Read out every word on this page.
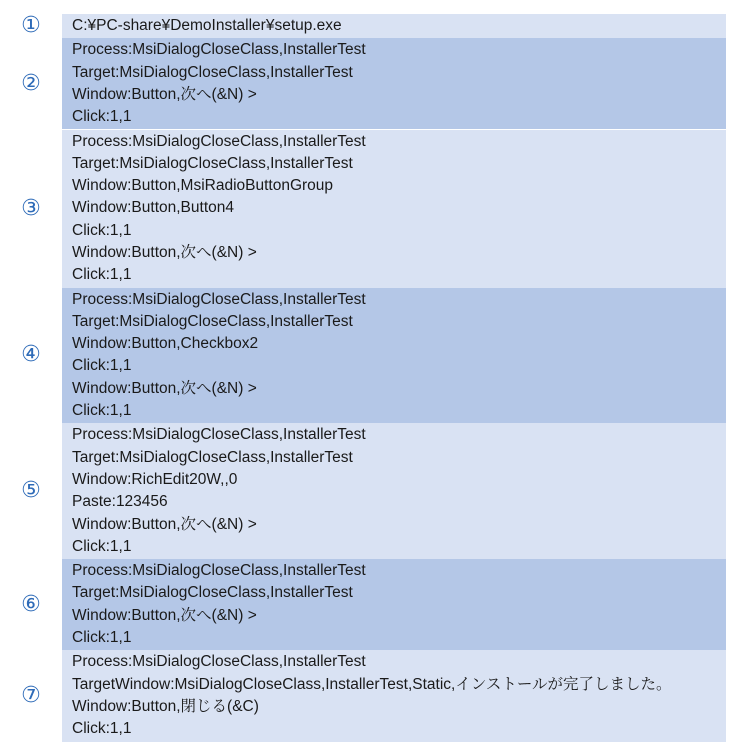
①	C:¥PC-share¥DemoInstaller¥setup.exe
②
Process:MsiDialogCloseClass,InstallerTest
Target:MsiDialogCloseClass,InstallerTest
Window:Button,次へ(&N) >
Click:1,1
③
Process:MsiDialogCloseClass,InstallerTest
Target:MsiDialogCloseClass,InstallerTest
Window:Button,MsiRadioButtonGroup
Window:Button,Button4
Click:1,1
Window:Button,次へ(&N) >
Click:1,1
④
Process:MsiDialogCloseClass,InstallerTest
Target:MsiDialogCloseClass,InstallerTest
Window:Button,Checkbox2
Click:1,1
Window:Button,次へ(&N) >
Click:1,1
⑤
Process:MsiDialogCloseClass,InstallerTest
Target:MsiDialogCloseClass,InstallerTest
Window:RichEdit20W,,0
Paste:123456
Window:Button,次へ(&N) >
Click:1,1
⑥
Process:MsiDialogCloseClass,InstallerTest
Target:MsiDialogCloseClass,InstallerTest
Window:Button,次へ(&N) >
Click:1,1
⑦
Process:MsiDialogCloseClass,InstallerTest
TargetWindow:MsiDialogCloseClass,InstallerTest,Static,インストールが完了しました。
Window:Button,閉じる(&C)
Click:1,1
